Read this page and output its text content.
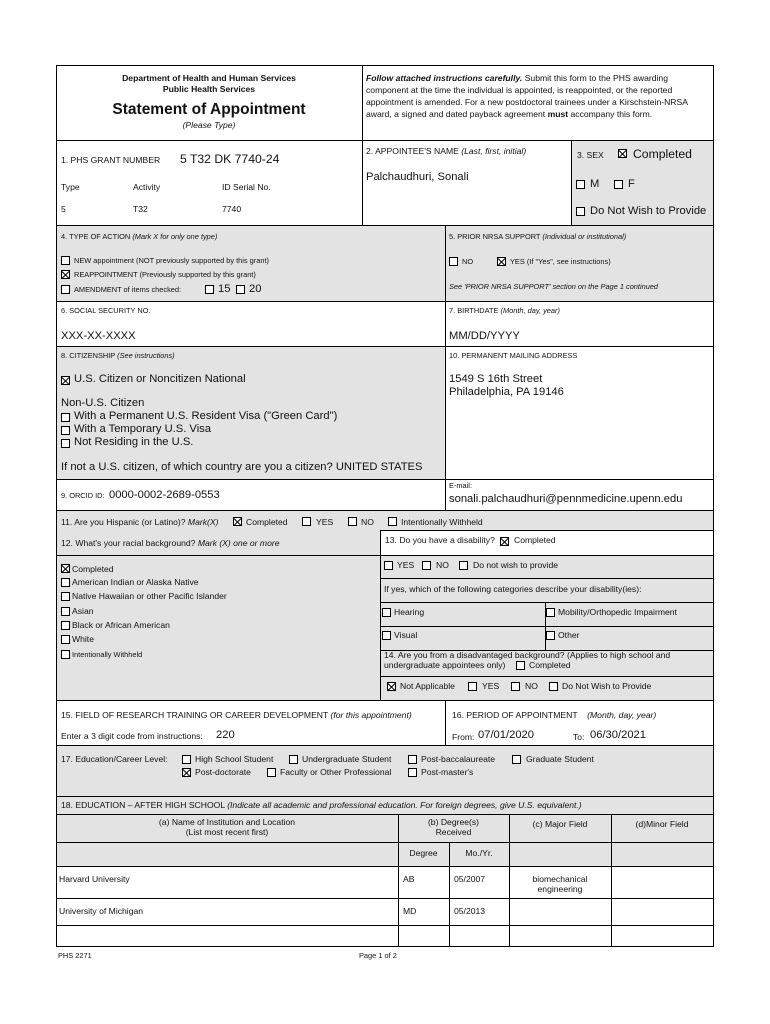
Department of Health and Human Services
Public Health Services
Statement of Appointment
(Please Type)
Follow attached instructions carefully. Submit this form to the PHS awarding
component at the time the individual is appointed, is reappointed, or the reported
appointment is amended. For a new postdoctoral trainees under a Kirschstein-NRSA
award, a signed and dated payback agreement must accompany this form.
1. PHS GRANT NUMBER 5 T32 DK 7740-24
Type	Activity	ID Serial No.
5	T32	7740
2. APPOINTEE'S NAME (Last, first, initial)
Palchaudhuri, Sonali
3. SEX Completed
M	F
Do Not Wish to Provide
4. TYPE OF ACTION (Mark X for only one type)
NEW appointment (NOT previously supported by this grant)
REAPPOINTMENT (Previously supported by this grant)
AMENDMENT of items checked:	15 20
5. PRIOR NRSA SUPPORT (Individual or institutional)
NO	YES (If "Yes", see instructions)
See 'PRIOR NRSA SUPPORT' section on the Page 1 continued
6. SOCIAL SECURITY NO.
XXX-XX-XXXX
7. BIRTHDATE (Month, day, year)
MM/DD/YYYY
8. CITIZENSHIP (See instructions)
U.S. Citizen or Noncitizen National
Non-U.S. Citizen
With a Permanent U.S. Resident Visa ("Green Card")
With a Temporary U.S. Visa
Not Residing in the U.S.
If not a U.S. citizen, of which country are you a citizen? UNITED STATES
10. PERMANENT MAILING ADDRESS
1549 S 16th Street
Philadelphia, PA 19146
9. ORCID ID: 0000-0002-2689-0553
E-mail:
sonali.palchaudhuri@pennmedicine.upenn.edu
11. Are you Hispanic (or Latino)? Mark(X)	Completed	YES	NO	Intentionally Withheld
12. What's your racial background? Mark (X) one or more
Completed
American Indian or Alaska Native
Native Hawaiian or other Pacific Islander
Asian
Black or African American
White
Intentionally Withheld
13. Do you have a disability? Completed
YES	NO	Do not wish to provide
If yes, which of the following categories describe your disability(ies):
Hearing	Mobility/Orthopedic Impairment
Visual	Other
14. Are you from a disadvantaged background? (Applies to high school and
undergraduate appointees only)	Completed
Not Applicable	YES	NO	Do Not Wish to Provide
15. FIELD OF RESEARCH TRAINING OR CAREER DEVELOPMENT (for this appointment)
Enter a 3 digit code from instructions: 220
16. PERIOD OF APPOINTMENT (Month, day, year)
From: 07/01/2020	To: 06/30/2021
17. Education/Career Level:	High School Student	Undergraduate Student	Post-baccalaureate	Graduate Student
Post-doctorate	Faculty or Other Professional	Post-master's
18. EDUCATION – AFTER HIGH SCHOOL (Indicate all academic and professional education. For foreign degrees, give U.S. equivalent.)
(a) Name of Institution and Location
(List most recent first)
(b) Degree(s)
Received
(c) Major Field	(d)Minor Field
Degree	Mo./Yr.
Harvard University	AB	05/2007	biomechanical
engineering
University of Michigan	MD	05/2013
PHS 2271	Page 1 of 2
